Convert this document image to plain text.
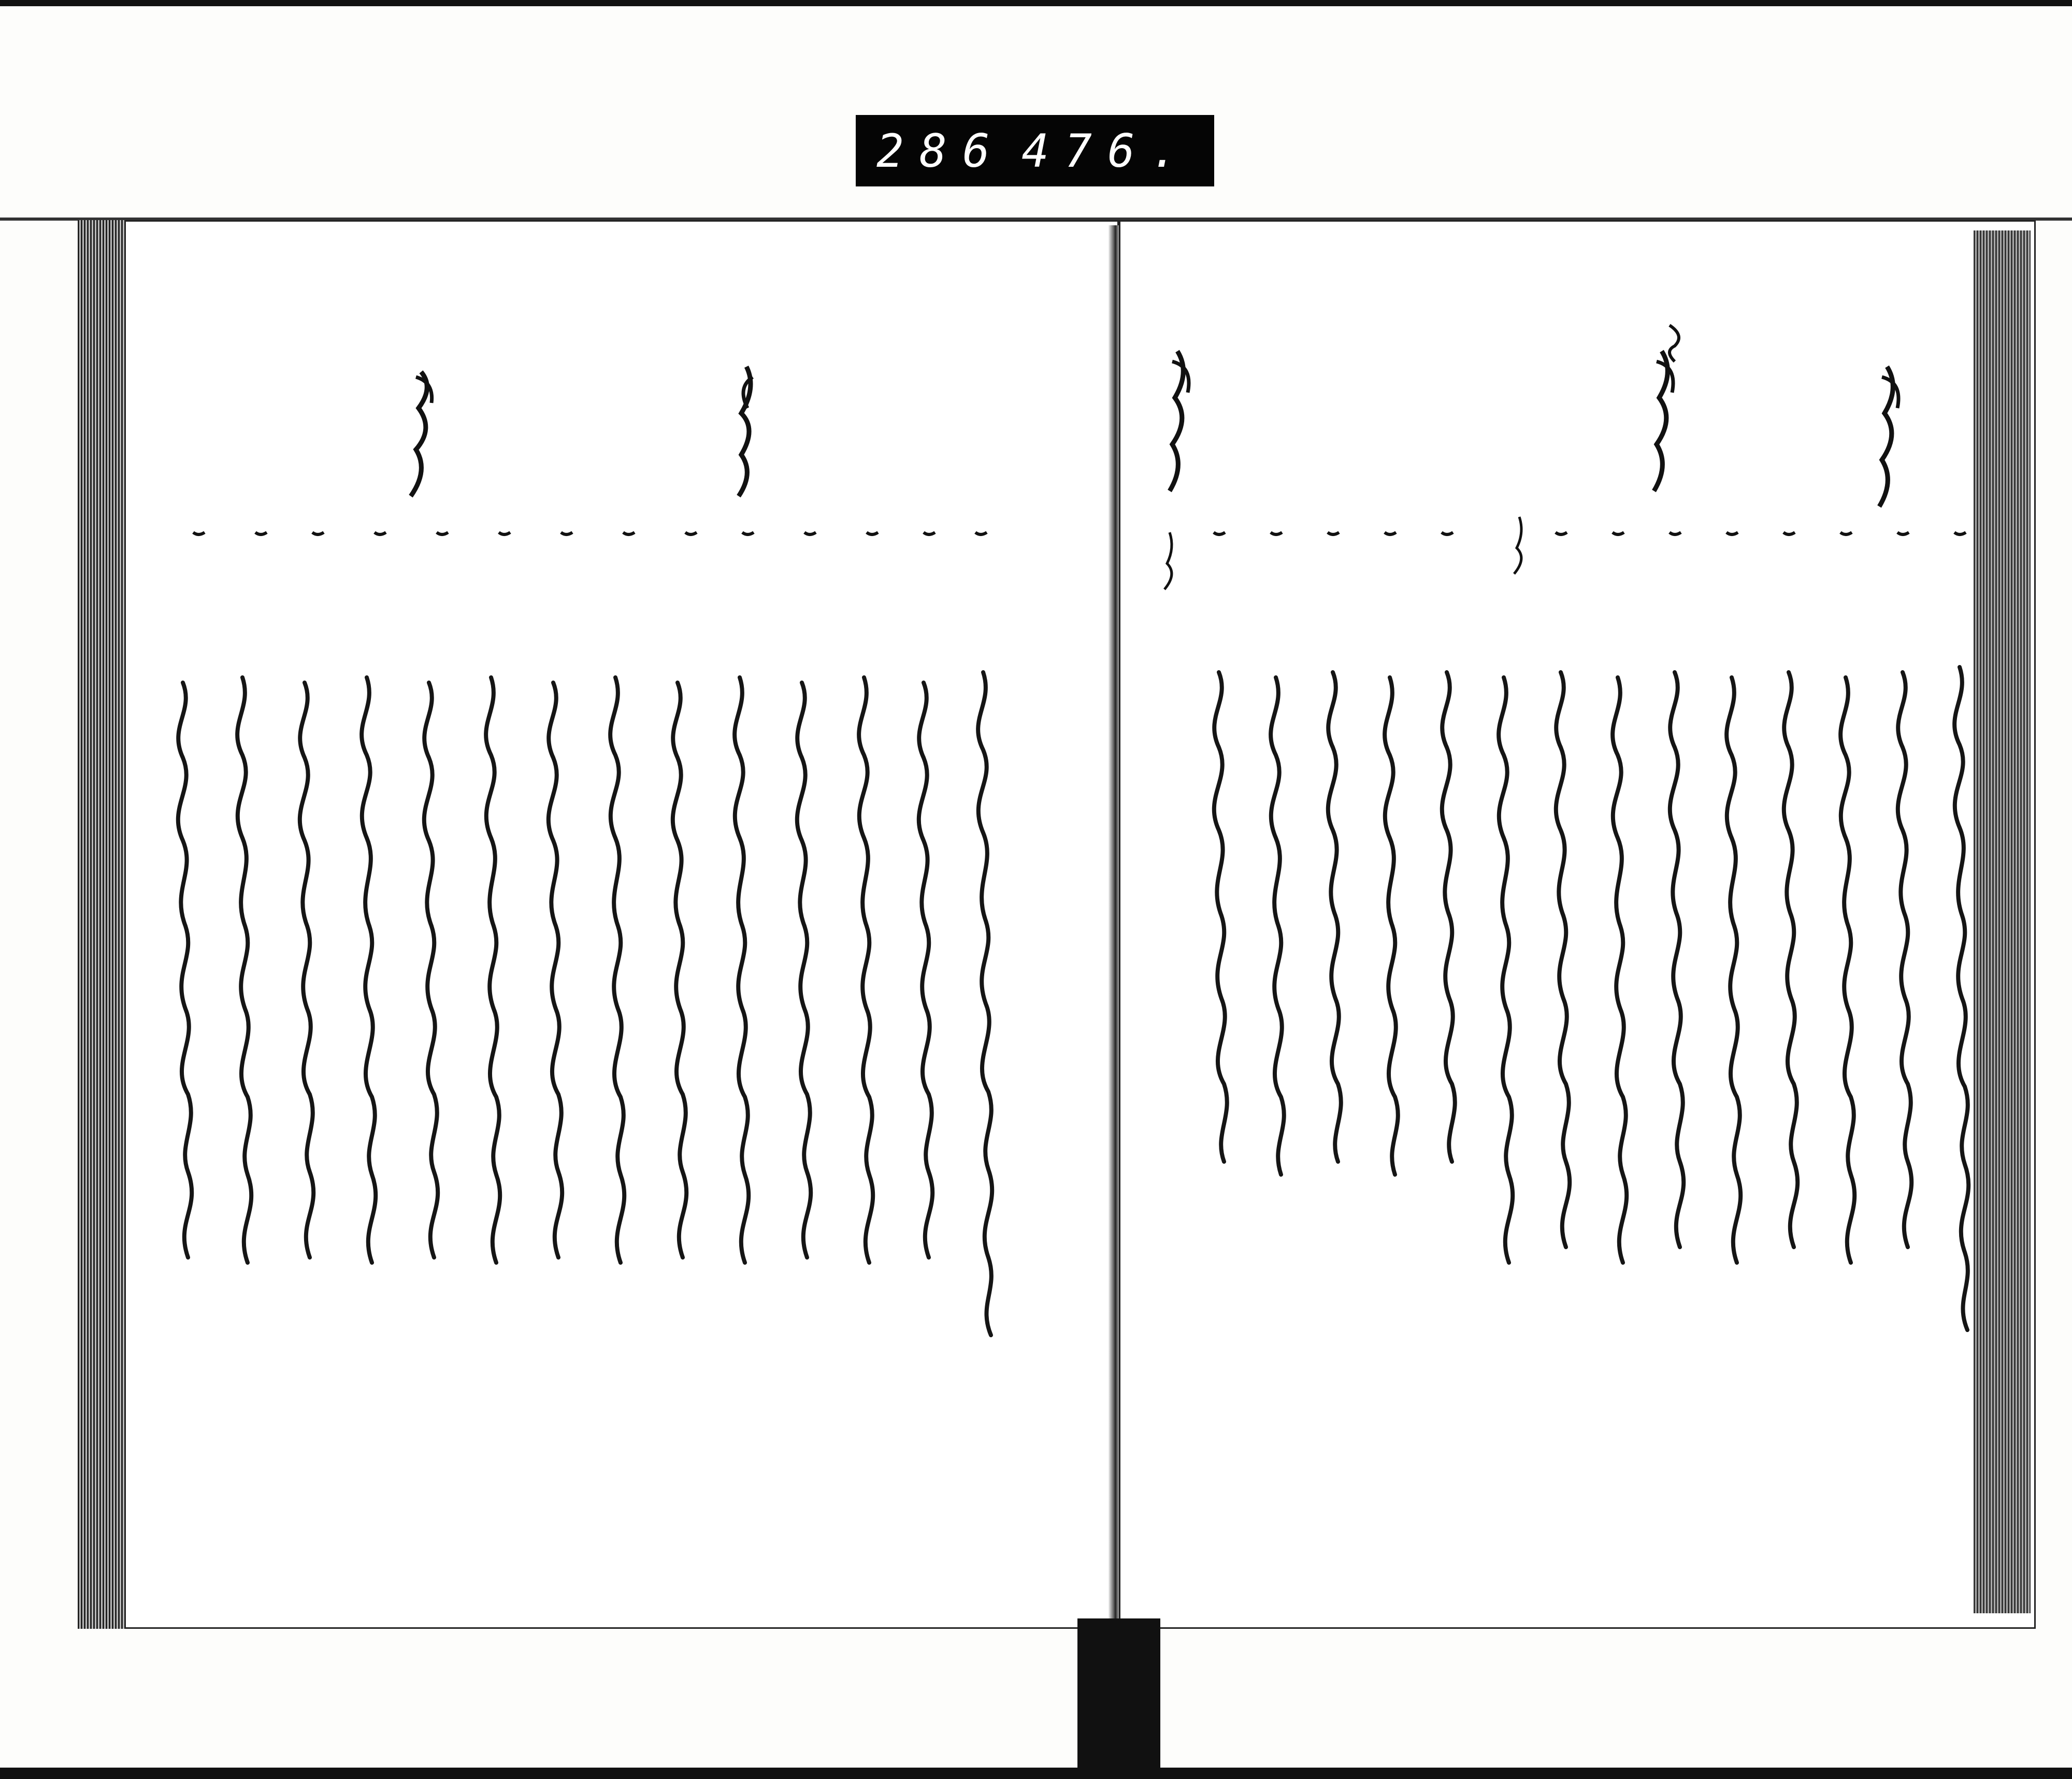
286 476.
